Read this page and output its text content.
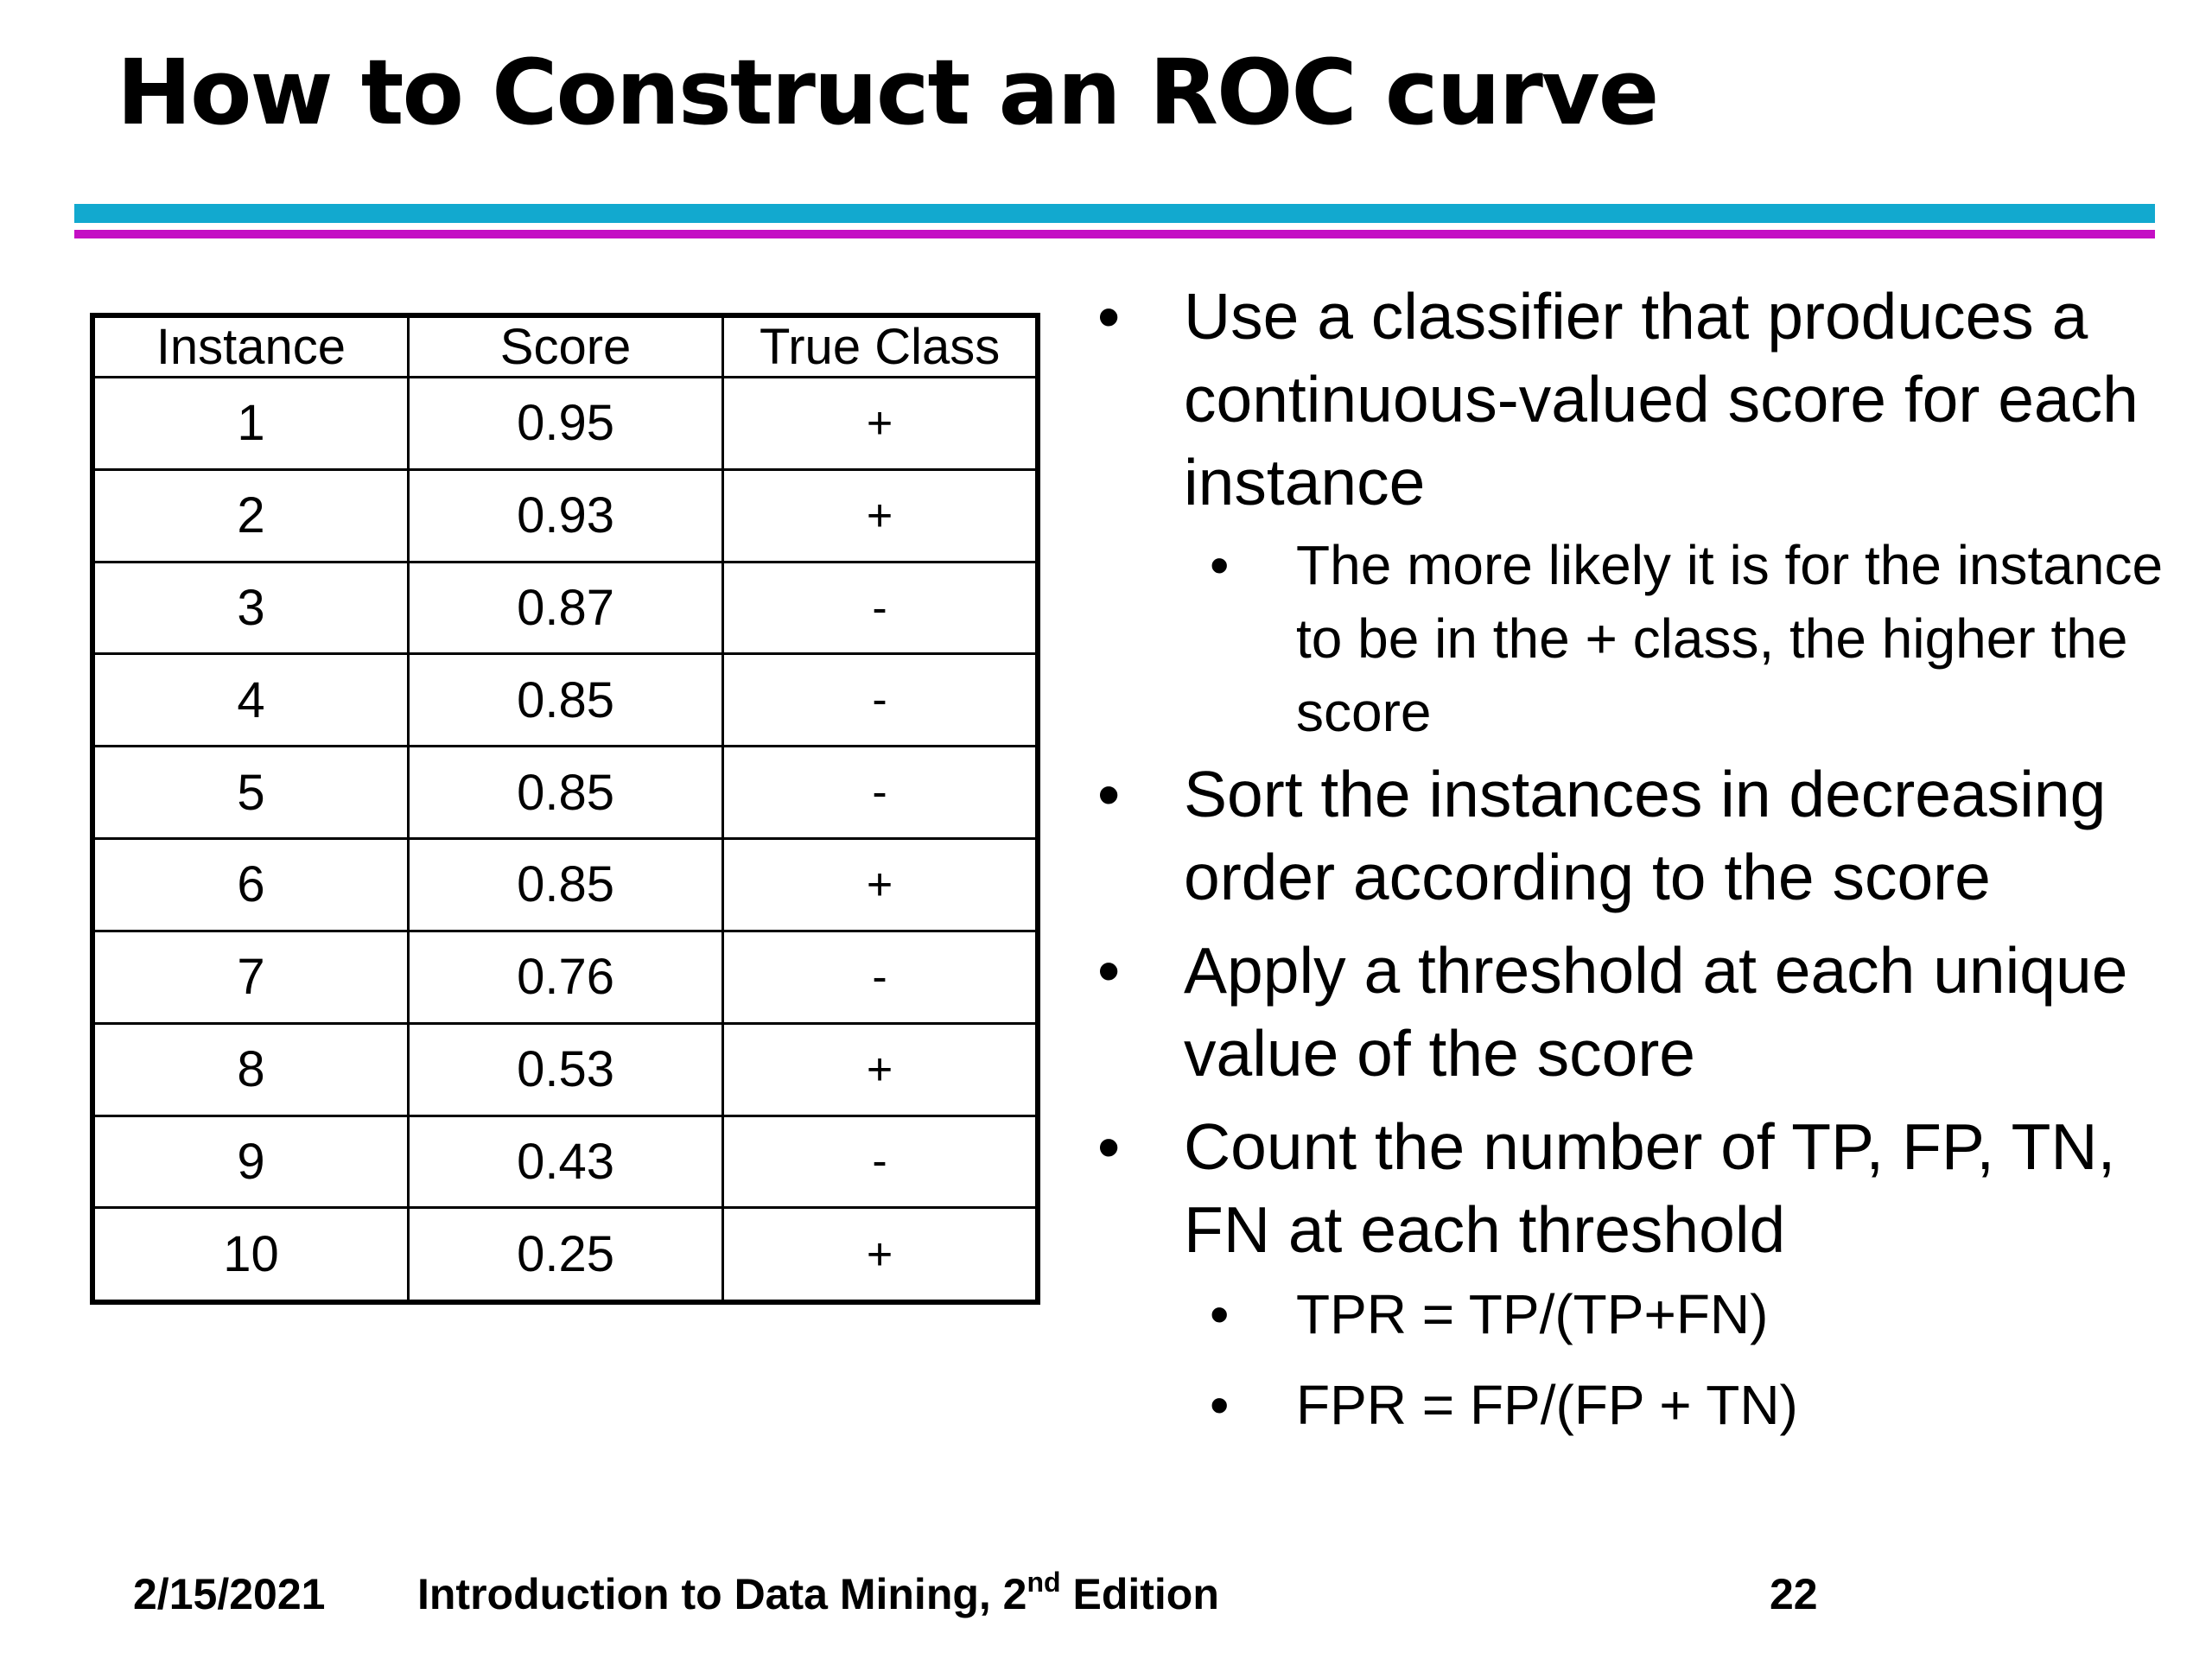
How to Construct an ROC curve
Instance	Score	True Class
1	0.95	+
2	0.93	+
3	0.87	-
4	0.85	-
5	0.85	-
6	0.85	+
7	0.76	-
8	0.53	+
9	0.43	-
10	0.25	+
• Use a classifier that produces a continuous-valued score for each instance
• The more likely it is for the instance to be in the + class, the higher the score
• Sort the instances in decreasing order according to the score
• Apply a threshold at each unique value of the score
• Count the number of TP, FP, TN, FN at each threshold
• TPR = TP/(TP+FN)
• FPR = FP/(FP + TN)
2/15/2021 Introduction to Data Mining, 2nd Edition	22
